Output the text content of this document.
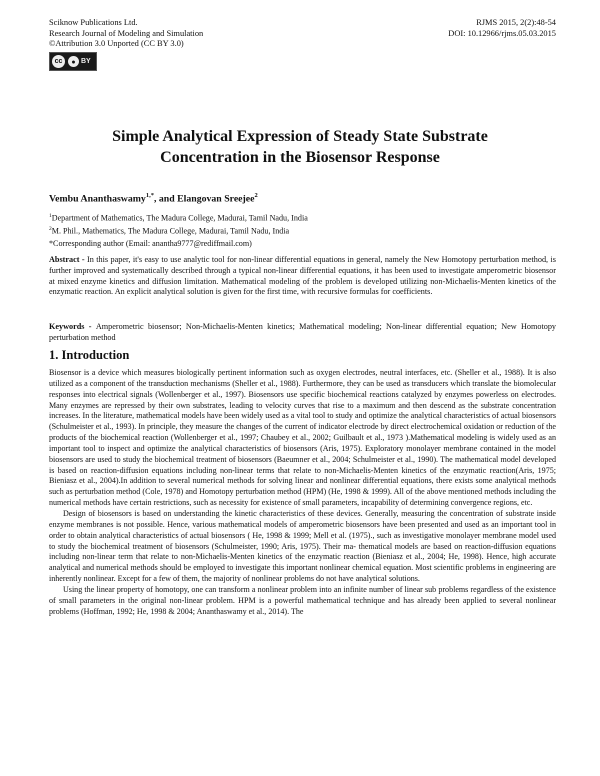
Sciknow Publications Ltd.
Research Journal of Modeling and Simulation
©Attribution 3.0 Unported (CC BY 3.0)
cc	● BY
RJMS 2015, 2(2):48-54
DOI: 10.12966/rjms.05.03.2015
Simple Analytical Expression of Steady State Substrate
Concentration in the Biosensor Response
Vembu Ananthaswamy$^{1,*}$, and Elangovan Sreejee$^2$
$^1$Department of Mathematics, The Madura College, Madurai, Tamil Nadu, India
$^2$M. Phil., Mathematics, The Madura College, Madurai, Tamil Nadu, India
*Corresponding author (Email: anantha9777@rediffmail.com)
Abstract - In this paper, it's easy to use analytic tool for non-linear differential equations in general, namely the New Homotopy perturbation method, is further improved and systematically described through a typical non-linear differential equations, it has been used to investigate amperometric biosensor at mixed enzyme kinetics and diffusion limitation. Mathematical modeling of the problem is developed utilizing non-Michaelis-Menten kinetics of the enzymatic reaction. An explicit analytical solution is given for the first time, with recursive formulas for coefficients.
Keywords - Amperometric biosensor; Non-Michaelis-Menten kinetics; Mathematical modeling; Non-linear differential equation; New Homotopy perturbation method
1. Introduction

Biosensor is a device which measures biologically pertinent information such as oxygen electrodes, neutral interfaces, etc. (Sheller et al., 1988). It is also utilized as a component of the transduction mechanisms (Sheller et al., 1988). Furthermore, they can be used as transducers which translate the biomolecular responses into electrical signals (Wollenberger et al., 1997). Biosensors use specific biochemical reactions catalyzed by enzymes powerless on electrodes. Many enzymes are repressed by their own substrates, leading to velocity curves that rise to a maximum and then descend as the substrate concentration increases. In the literature, mathematical models have been widely used as a vital tool to study and optimize the analytical characteristics of actual biosensors (Schulmeister et al., 1993). In principle, they measure the changes of the current of indicator electrode by direct electrochemical oxidation or reduction of the products of the biochemical reaction (Wollenberger et al., 1997; Chaubey et al., 2002; Guilbault et al., 1973 ).Mathematical modeling is widely used as an important tool to inspect and optimize the analytical characteristics of biosensors (Aris, 1975). Exploratory monolayer membrane contained in the model biosensors are used to study the biochemical treatment of biosensors (Baeumner et al., 2004; Schulmeister et al., 1990). The mathematical model developed is based on reaction-diffusion equations including non-linear terms that relate to non-Michaelis-Menten kinetics of the enzymatic reaction(Aris, 1975; Bieniasz et al., 2004).In addition to several numerical methods for solving linear and nonlinear differential equations, there exists some analytical methods such as perturbation method (Cole, 1978) and Homotopy perturbation method (HPM) (He, 1998 & 1999). All of the above mentioned methods including the numerical methods have certain restrictions, such as necessity for existence of small parameters, incapability of determining convergence regions, etc.

Design of biosensors is based on understanding the kinetic characteristics of these devices. Generally, measuring the concentration of substrate inside enzyme membranes is not possible. Hence, various mathematical models of amperometric biosensors have been presented and used as an important tool in order to obtain analytical characteristics of actual biosensors ( He, 1998 & 1999; Mell et al. (1975)., such as investigative monolayer membrane model used to study the biochemical treatment of biosensors (Schulmeister, 1990; Aris, 1975). Their ma- thematical models are based on reaction-diffusion equations including non-linear term that relate to non-Michaelis-Menten kinetics of the enzymatic reaction (Bieniasz et al., 2004; He, 1998). Hence, high accurate analytical and numerical methods should be employed to investigate this important nonlinear chemical equation. Most scientific problems in engineering are inherently nonlinear. Except for a few of them, the majority of nonlinear problems do not have analytical solutions.

Using the linear property of homotopy, one can transform a nonlinear problem into an infinite number of linear sub problems regardless of the existence of small parameters in the original non-linear problem. HPM is a powerful mathematical technique and has already been applied to several nonlinear problems (Hoffman, 1992; He, 1998 & 2004; Ananthaswamy et al., 2014). The
